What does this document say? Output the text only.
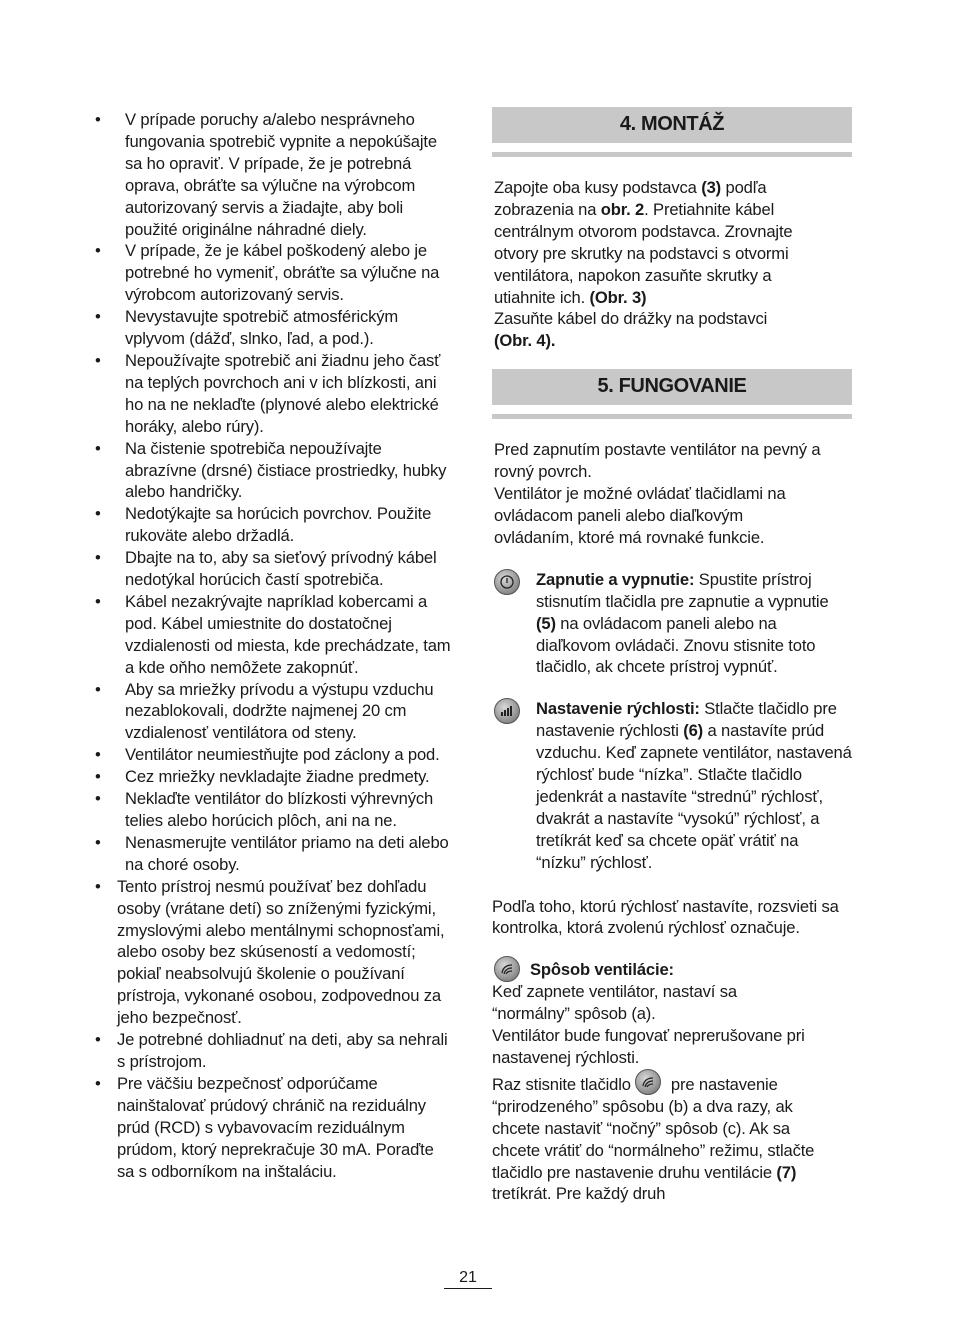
• V prípade poruchy a/alebo nesprávneho fungovania spotrebič vypnite a nepokúšajte sa ho opraviť. V prípade, že je potrebná oprava, obráťte sa výlučne na výrobcom autorizovaný servis a žiadajte, aby boli použité originálne náhradné diely.

• V prípade, že je kábel poškodený alebo je potrebné ho vymeniť, obráťte sa výlučne na výrobcom autorizovaný servis.

• Nevystavujte spotrebič atmosférickým vplyvom (dážď, slnko, ľad, a pod.).

• Nepoužívajte spotrebič ani žiadnu jeho časť na teplých povrchoch ani v ich blízkosti, ani ho na ne neklaďte (plynové alebo elektrické horáky, alebo rúry).

• Na čistenie spotrebiča nepoužívajte abrazívne (drsné) čistiace prostriedky, hubky alebo handričky.

• Nedotýkajte sa horúcich povrchov. Použite rukoväte alebo držadlá.

• Dbajte na to, aby sa sieťový prívodný kábel nedotýkal horúcich častí spotrebiča.

• Kábel nezakrývajte napríklad kobercami a pod. Kábel umiestnite do dostatočnej vzdialenosti od miesta, kde prechádzate, tam a kde oňho nemôžete zakopnúť.

• Aby sa mriežky prívodu a výstupu vzduchu nezablokovali, dodržte najmenej 20 cm vzdialenosť ventilátora od steny.

• Ventilátor neumiestňujte pod záclony a pod.

• Cez mriežky nevkladajte žiadne predmety.

• Neklaďte ventilátor do blízkosti výhrevných telies alebo horúcich plôch, ani na ne.

• Nenasmerujte ventilátor priamo na deti alebo na choré osoby.

• Tento prístroj nesmú používať bez dohľadu osoby (vrátane detí) so zníženými fyzickými, zmyslovými alebo mentálnymi schopnosťami, alebo osoby bez skúseností a vedomostí; pokiaľ neabsolvujú školenie o používaní prístroja, vykonané osobou, zodpovednou za jeho bezpečnosť.

• Je potrebné dohliadnuť na deti, aby sa nehrali s prístrojom.

• Pre väčšiu bezpečnosť odporúčame nainštalovať prúdový chránič na reziduálny prúd (RCD) s vybavovacím reziduálnym prúdom, ktorý neprekračuje 30 mA. Poraďte sa s odborníkom na inštaláciu.

4. MONTÁŽ

Zapojte oba kusy podstavca (3) podľa zobrazenia na obr. 2. Pretiahnite kábel centrálnym otvorom podstavca. Zrovnajte otvory pre skrutky na podstavci s otvormi ventilátora, napokon zasuňte skrutky a utiahnite ich. (Obr. 3)

Zasuňte kábel do drážky na podstavci
(Obr. 4).

5. FUNGOVANIE

Pred zapnutím postavte ventilátor na pevný a rovný povrch.

Ventilátor je možné ovládať tlačidlami na ovládacom paneli alebo diaľkovým ovládaním, ktoré má rovnaké funkcie.

Zapnutie a vypnutie: Spustite prístroj stisnutím tlačidla pre zapnutie a vypnutie (5) na ovládacom paneli alebo na diaľkovom ovládači. Znovu stisnite toto tlačidlo, ak chcete prístroj vypnúť.
Nastavenie rýchlosti: Stlačte tlačidlo pre nastavenie rýchlosti (6) a nastavíte prúd vzduchu. Keď zapnete ventilátor, nastavená rýchlosť bude “nízka”. Stlačte tlačidlo jedenkrát a nastavíte “strednú” rýchlosť, dvakrát a nastavíte “vysokú” rýchlosť, a tretíkrát keď sa chcete opäť vrátiť na “nízku” rýchlosť.

Podľa toho, ktorú rýchlosť nastavíte, rozsvieti sa kontrolka, ktorá zvolenú rýchlosť označuje.

Spôsob ventilácie:

Keď zapnete ventilátor, nastaví sa “normálny” spôsob (a).

Ventilátor bude fungovať neprerušovane pri nastavenej rýchlosti.

Raz stisnite tlačidlo pre nastavenie “prirodzeného” spôsobu (b) a dva razy, ak chcete nastaviť “nočný” spôsob (c). Ak sa chcete vrátiť do “normálneho” režimu, stlačte tlačidlo pre nastavenie druhu ventilácie (7) tretíkrát. Pre každý druh

21
